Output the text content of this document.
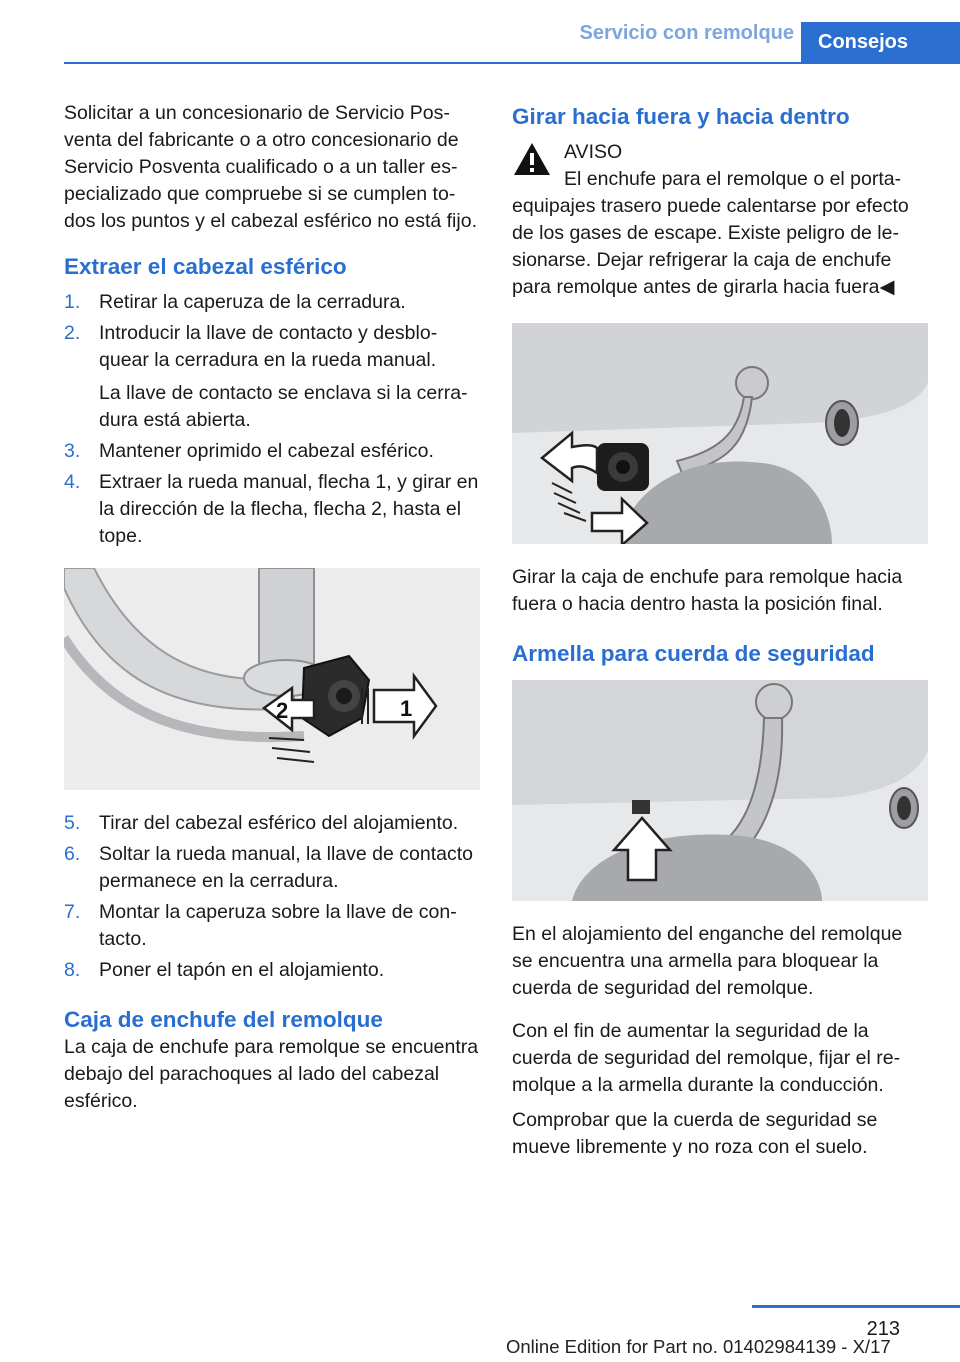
Servicio con remolque	Consejos

Solicitar a un concesionario de Servicio Posventa del fabricante o a otro concesionario de Servicio Posventa cualificado o a un taller especializado que compruebe si se cumplen todos los puntos y el cabezal esférico no está fijo.

Extraer el cabezal esférico
1. Retirar la caperuza de la cerradura.
2. Introducir la llave de contacto y desbloquear la cerradura en la rueda manual.
La llave de contacto se enclava si la cerradura está abierta.
3. Mantener oprimido el cabezal esférico.
4. Extraer la rueda manual, flecha 1, y girar en la dirección de la flecha, flecha 2, hasta el tope.
2	1
5. Tirar del cabezal esférico del alojamiento.
6. Soltar la rueda manual, la llave de contacto permanece en la cerradura.
7. Montar la caperuza sobre la llave de contacto.
8. Poner el tapón en el alojamiento.
Caja de enchufe del remolque

La caja de enchufe para remolque se encuentra debajo del parachoques al lado del cabezal esférico.

Girar hacia fuera y hacia dentro
AVISO
El enchufe para el remolque o el portaequipajes trasero puede calentarse por efecto de los gases de escape. Existe peligro de lesionarse. Dejar refrigerar la caja de enchufe para remolque antes de girarla hacia fuera◀

Girar la caja de enchufe para remolque hacia fuera o hacia dentro hasta la posición final.

Armella para cuerda de seguridad

En el alojamiento del enganche del remolque se encuentra una armella para bloquear la cuerda de seguridad del remolque.

Con el fin de aumentar la seguridad de la cuerda de seguridad del remolque, fijar el remolque a la armella durante la conducción.

Comprobar que la cuerda de seguridad se mueve libremente y no roza con el suelo.

213
Online Edition for Part no. 01402984139 - X/17
